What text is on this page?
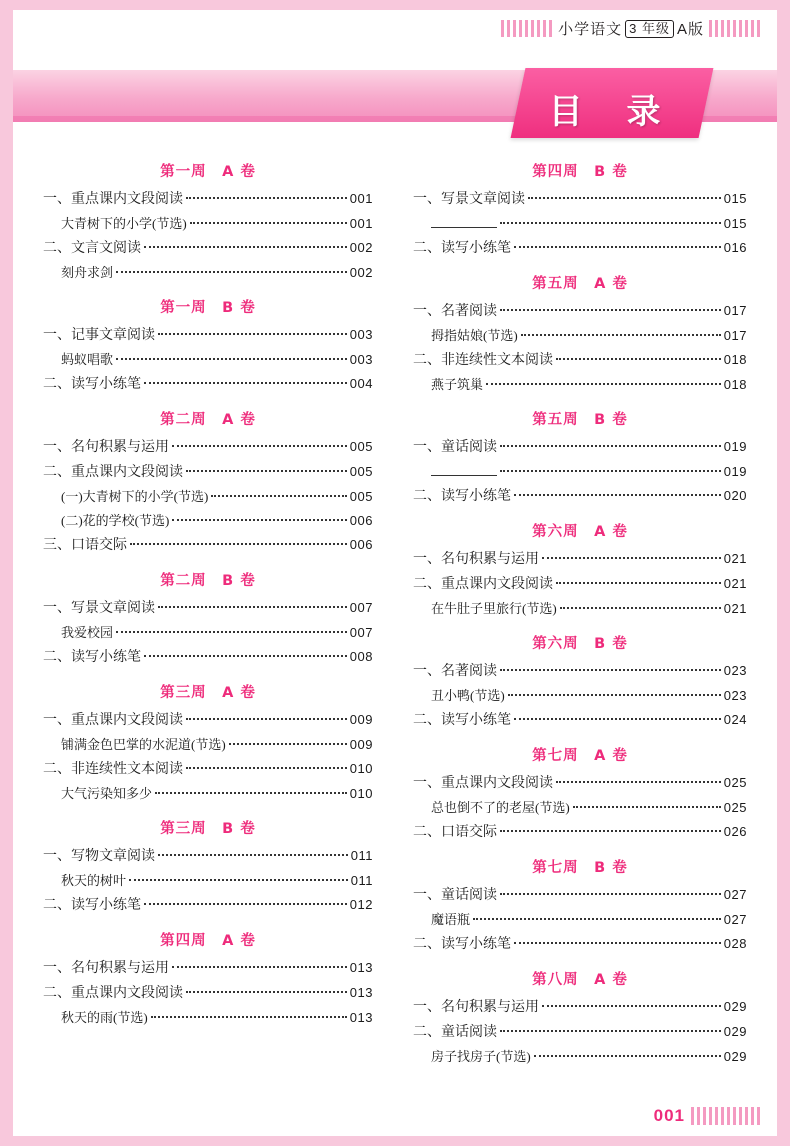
小学语文 3 年级 A版
目 录
第一周　A 卷
一、重点课内文段阅读	001
大青树下的小学(节选)	001
二、文言文阅读	002
刻舟求剑	002
第一周　B 卷
一、记事文章阅读	003
蚂蚁唱歌	003
二、读写小练笔	004
第二周　A 卷
一、名句积累与运用	005
二、重点课内文段阅读	005
(一)大青树下的小学(节选)	005
(二)花的学校(节选)	006
三、口语交际	006
第二周　B 卷
一、写景文章阅读	007
我爱校园	007
二、读写小练笔	008
第三周　A 卷
一、重点课内文段阅读	009
铺满金色巴掌的水泥道(节选)	009
二、非连续性文本阅读	010
大气污染知多少	010
第三周　B 卷
一、写物文章阅读	011
秋天的树叶	011
二、读写小练笔	012
第四周　A 卷
一、名句积累与运用	013
二、重点课内文段阅读	013
秋天的雨(节选)	013
第四周　B 卷
一、写景文章阅读	015
015
二、读写小练笔	016
第五周　A 卷
一、名著阅读	017
拇指姑娘(节选)	017
二、非连续性文本阅读	018
燕子筑巢	018
第五周　B 卷
一、童话阅读	019
019
二、读写小练笔	020
第六周　A 卷
一、名句积累与运用	021
二、重点课内文段阅读	021
在牛肚子里旅行(节选)	021
第六周　B 卷
一、名著阅读	023
丑小鸭(节选)	023
二、读写小练笔	024
第七周　A 卷
一、重点课内文段阅读	025
总也倒不了的老屋(节选)	025
二、口语交际	026
第七周　B 卷
一、童话阅读	027
魔语瓶	027
二、读写小练笔	028
第八周　A 卷
一、名句积累与运用	029
二、童话阅读	029
房子找房子(节选)	029
001
